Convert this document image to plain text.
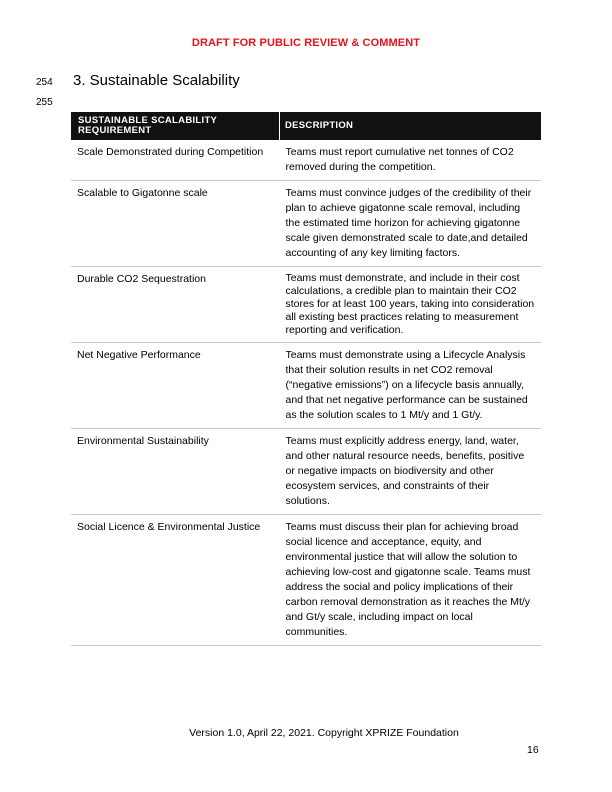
DRAFT FOR PUBLIC REVIEW & COMMENT
254
255
3. Sustainable Scalability
SUSTAINABLE SCALABILITY REQUIREMENT	DESCRIPTION
Scale Demonstrated during Competition	Teams must report cumulative net tonnes of CO2 removed during the competition.
Scalable to Gigatonne scale	Teams must convince judges of the credibility of their plan to achieve gigatonne scale removal, including the estimated time horizon for achieving gigatonne scale given demonstrated scale to date,and detailed accounting of any key limiting factors.
Durable CO2 Sequestration	Teams must demonstrate, and include in their cost calculations, a credible plan to maintain their CO2 stores for at least 100 years, taking into consideration all existing best practices relating to measurement reporting and verification.
Net Negative Performance	Teams must demonstrate using a Lifecycle Analysis that their solution results in net CO2 removal (“negative emissions”) on a lifecycle basis annually, and that net negative performance can be sustained as the solution scales to 1 Mt/y and 1 Gt/y.
Environmental Sustainability	Teams must explicitly address energy, land, water, and other natural resource needs, benefits, positive or negative impacts on biodiversity and other ecosystem services, and constraints of their solutions.
Social Licence & Environmental Justice	Teams must discuss their plan for achieving broad social licence and acceptance, equity, and environmental justice that will allow the solution to achieving low-cost and gigatonne scale. Teams must address the social and policy implications of their carbon removal demonstration as it reaches the Mt/y and Gt/y scale, including impact on local communities.
Version 1.0, April 22, 2021. Copyright XPRIZE Foundation
16
